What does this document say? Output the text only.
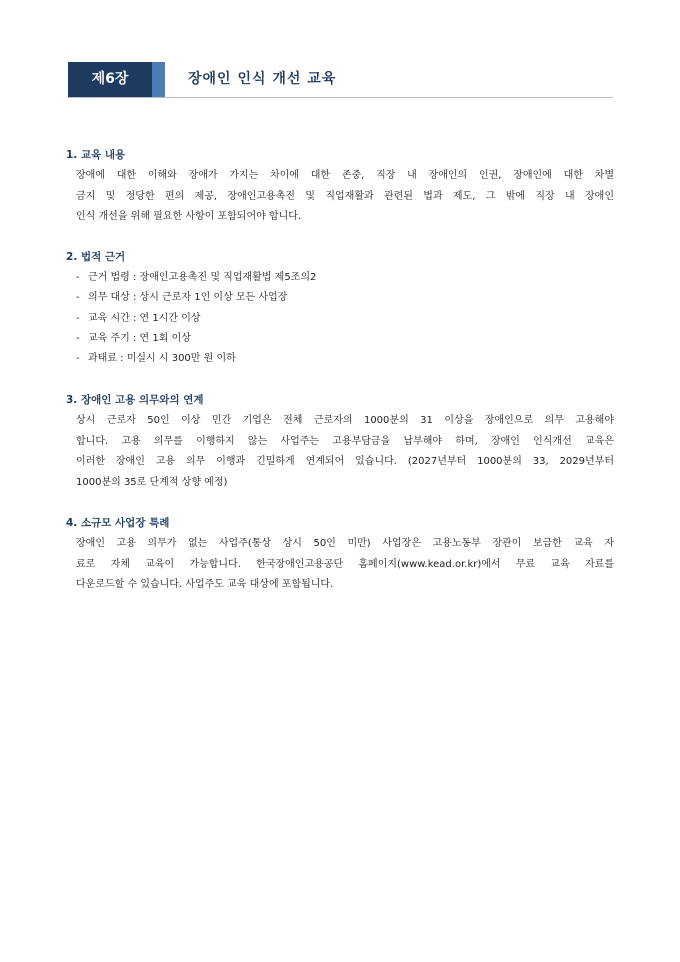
제6장	장애인 인식 개선 교육
1. 교육 내용
장애에 대한 이해와 장애가 가지는 차이에 대한 존중, 직장 내 장애인의 인권, 장애인에 대한 차별
금지 및 정당한 편의 제공, 장애인고용촉진 및 직업재활과 관련된 법과 제도, 그 밖에 직장 내 장애인
인식 개선을 위해 필요한 사항이 포함되어야 합니다.
2. 법적 근거
- 근거 법령 : 장애인고용촉진 및 직업재활법 제5조의2
- 의무 대상 : 상시 근로자 1인 이상 모든 사업장
- 교육 시간 : 연 1시간 이상
- 교육 주기 : 연 1회 이상
- 과태료 : 미실시 시 300만 원 이하
3. 장애인 고용 의무와의 연계
상시 근로자 50인 이상 민간 기업은 전체 근로자의 1000분의 31 이상을 장애인으로 의무 고용해야
합니다. 고용 의무를 이행하지 않는 사업주는 고용부담금을 납부해야 하며, 장애인 인식개선 교육은
이러한 장애인 고용 의무 이행과 긴밀하게 연계되어 있습니다. (2027년부터 1000분의 33, 2029년부터
1000분의 35로 단계적 상향 예정)
4. 소규모 사업장 특례
장애인 고용 의무가 없는 사업주(통상 상시 50인 미만) 사업장은 고용노동부 장관이 보급한 교육 자
료로 자체 교육이 가능합니다. 한국장애인고용공단 홈페이지(www.kead.or.kr)에서 무료 교육 자료를
다운로드할 수 있습니다. 사업주도 교육 대상에 포함됩니다.
